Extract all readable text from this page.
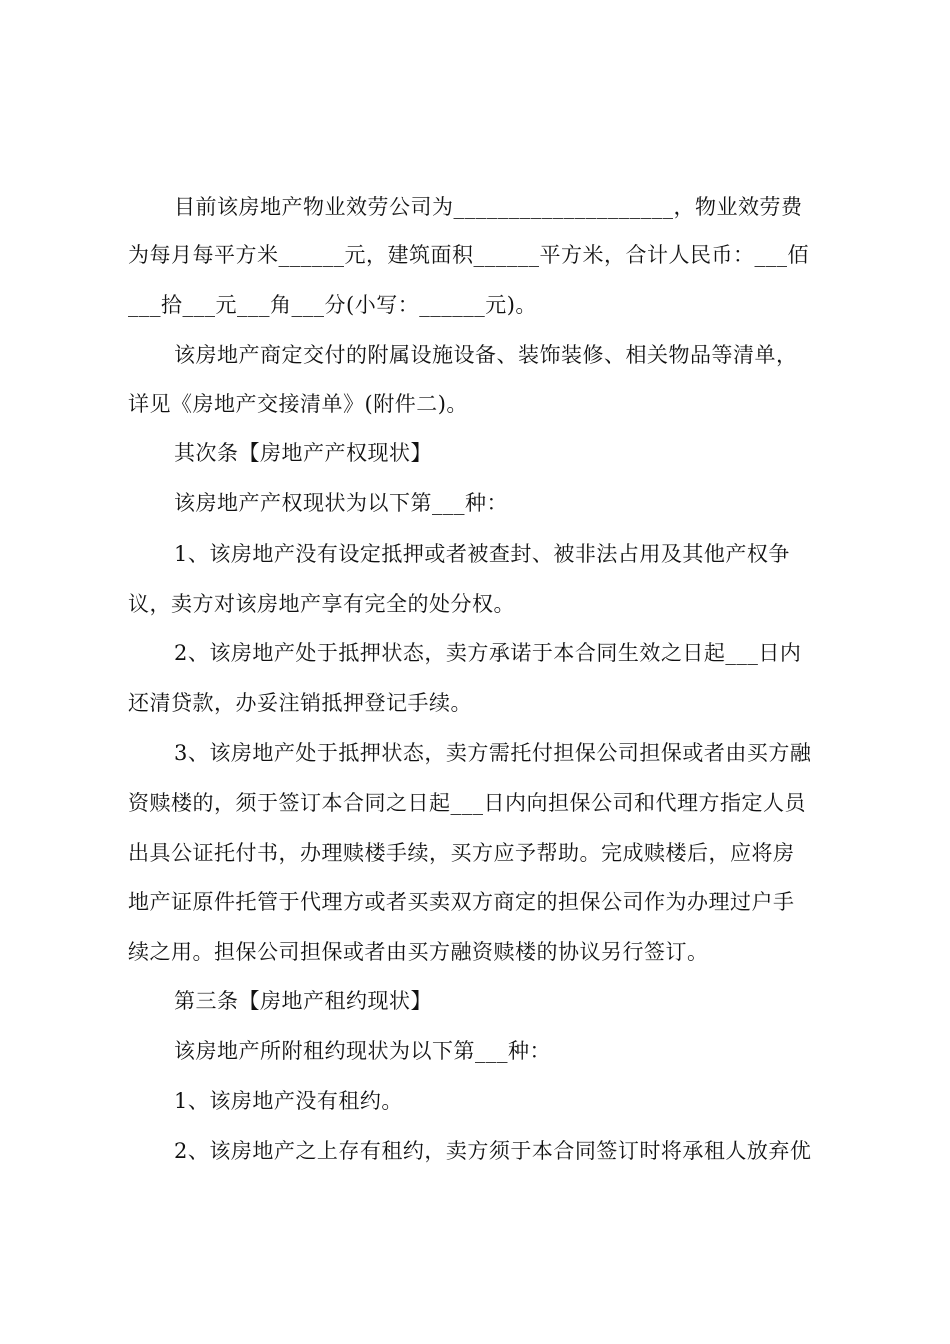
目前该房地产物业效劳公司为____________________，物业效劳费
为每月每平方米______元，建筑面积______平方米，合计人民币：___佰
___拾___元___角___分(小写：______元)。
该房地产商定交付的附属设施设备、装饰装修、相关物品等清单，
详见《房地产交接清单》(附件二)。
其次条【房地产产权现状】
该房地产产权现状为以下第___种：
1、该房地产没有设定抵押或者被查封、被非法占用及其他产权争
议，卖方对该房地产享有完全的处分权。
2、该房地产处于抵押状态，卖方承诺于本合同生效之日起___日内
还清贷款，办妥注销抵押登记手续。
3、该房地产处于抵押状态，卖方需托付担保公司担保或者由买方融
资赎楼的，须于签订本合同之日起___日内向担保公司和代理方指定人员
出具公证托付书，办理赎楼手续，买方应予帮助。完成赎楼后，应将房
地产证原件托管于代理方或者买卖双方商定的担保公司作为办理过户手
续之用。担保公司担保或者由买方融资赎楼的协议另行签订。
第三条【房地产租约现状】
该房地产所附租约现状为以下第___种：
1、该房地产没有租约。
2、该房地产之上存有租约，卖方须于本合同签订时将承租人放弃优
